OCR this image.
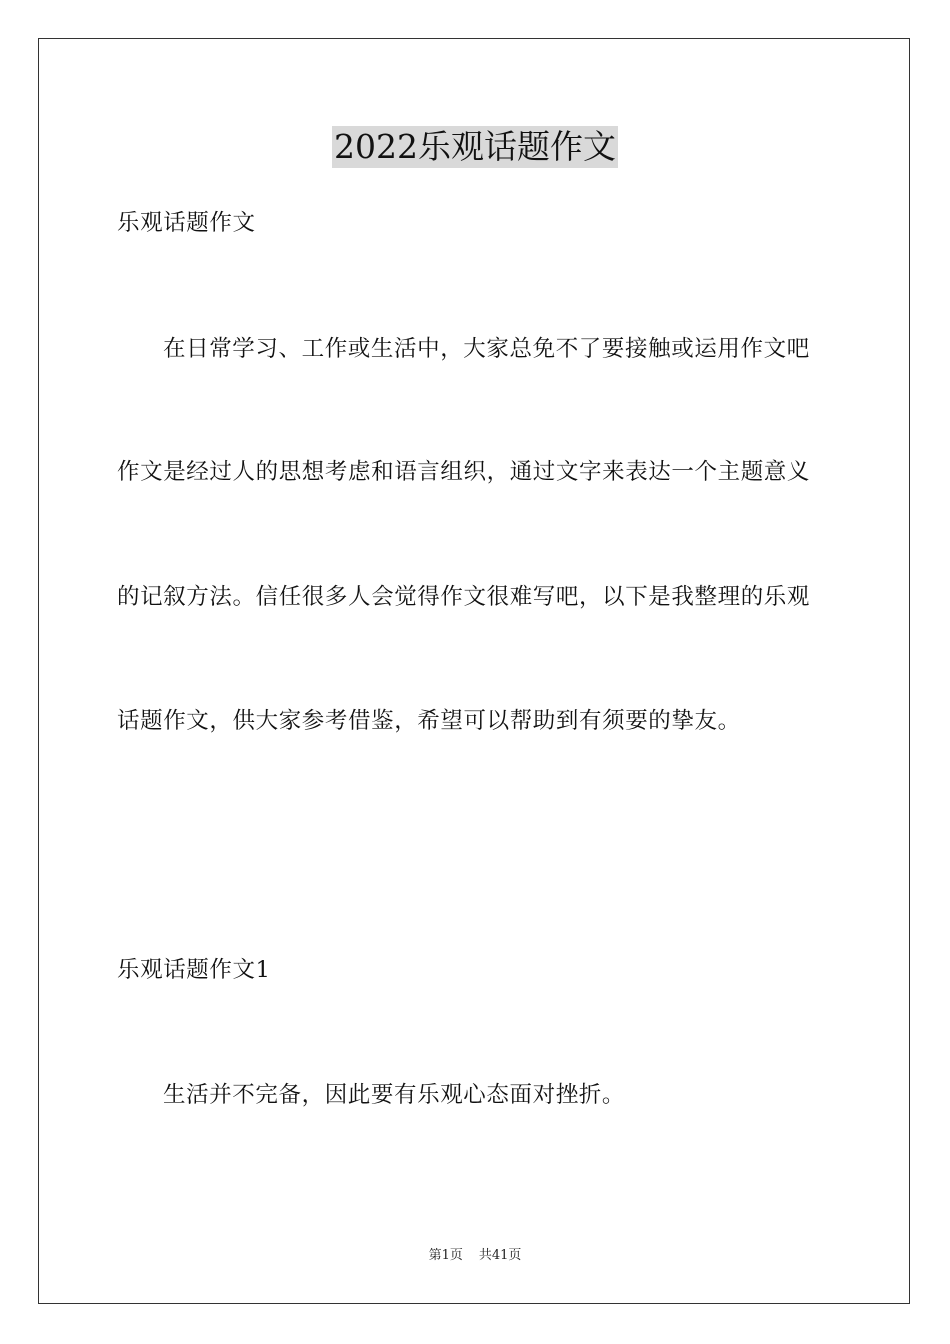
2022乐观话题作文
乐观话题作文
在日常学习、工作或生活中，大家总免不了要接触或运用作文吧
作文是经过人的思想考虑和语言组织，通过文字来表达一个主题意义
的记叙方法。信任很多人会觉得作文很难写吧，以下是我整理的乐观
话题作文，供大家参考借鉴，希望可以帮助到有须要的挚友。
乐观话题作文1
生活并不完备，因此要有乐观心态面对挫折。
第1页 共41页
